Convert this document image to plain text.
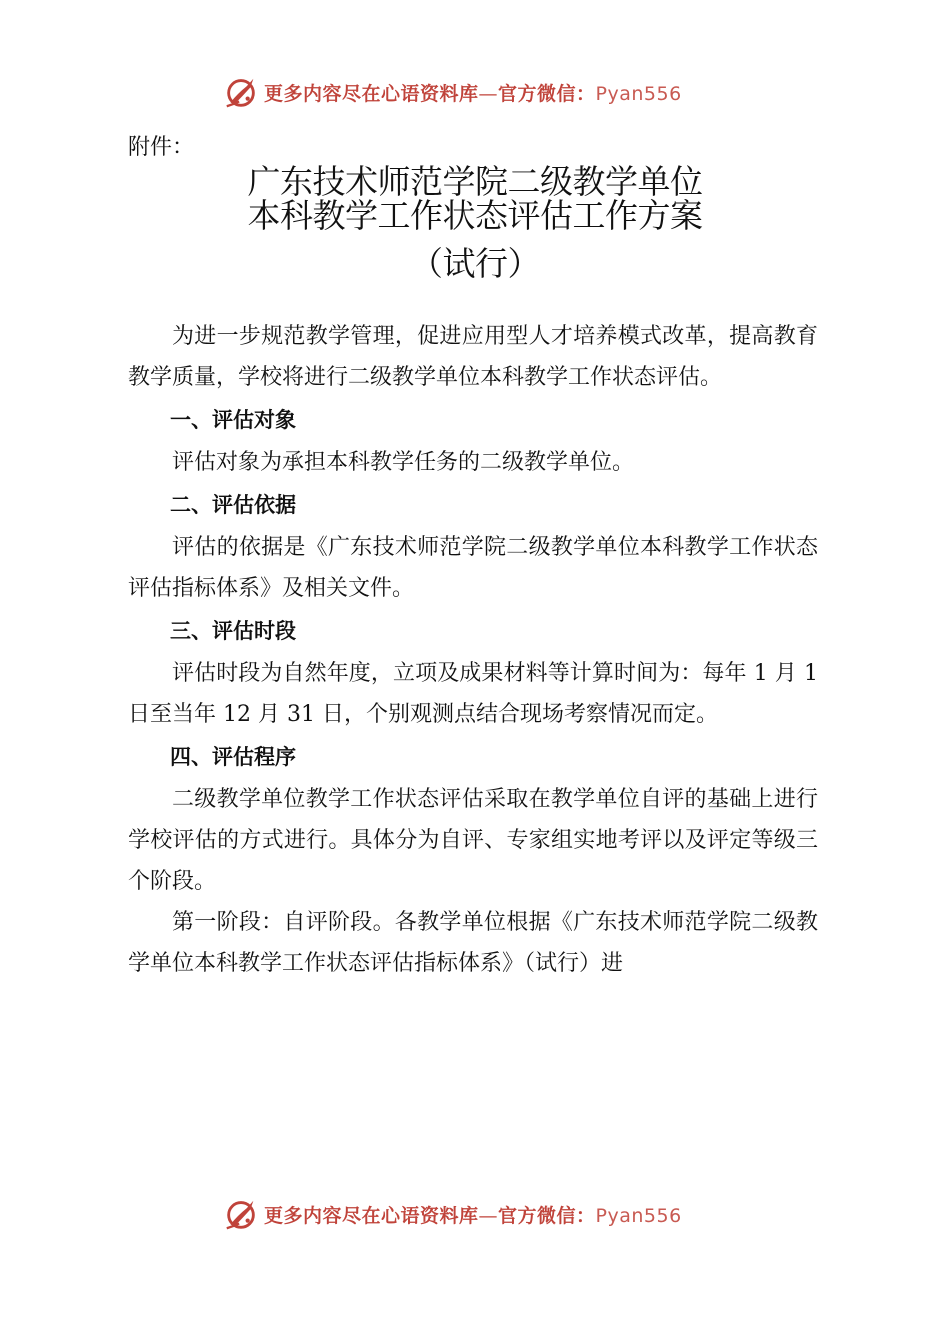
更多内容尽在心语资料库—官方微信：Pyan556
附件：
广东技术师范学院二级教学单位
本科教学工作状态评估工作方案
（试行）

为进一步规范教学管理，促进应用型人才培养模式改革，提高教育教学质量，学校将进行二级教学单位本科教学工作状态评估。

一、评估对象

评估对象为承担本科教学任务的二级教学单位。

二、评估依据

评估的依据是《广东技术师范学院二级教学单位本科教学工作状态评估指标体系》及相关文件。

三、评估时段

评估时段为自然年度，立项及成果材料等计算时间为：每年 1 月 1 日至当年 12 月 31 日，个别观测点结合现场考察情况而定。

四、评估程序

二级教学单位教学工作状态评估采取在教学单位自评的基础上进行学校评估的方式进行。具体分为自评、专家组实地考评以及评定等级三个阶段。

第一阶段：自评阶段。各教学单位根据《广东技术师范学院二级教学单位本科教学工作状态评估指标体系》（试行）进

更多内容尽在心语资料库—官方微信：Pyan556
